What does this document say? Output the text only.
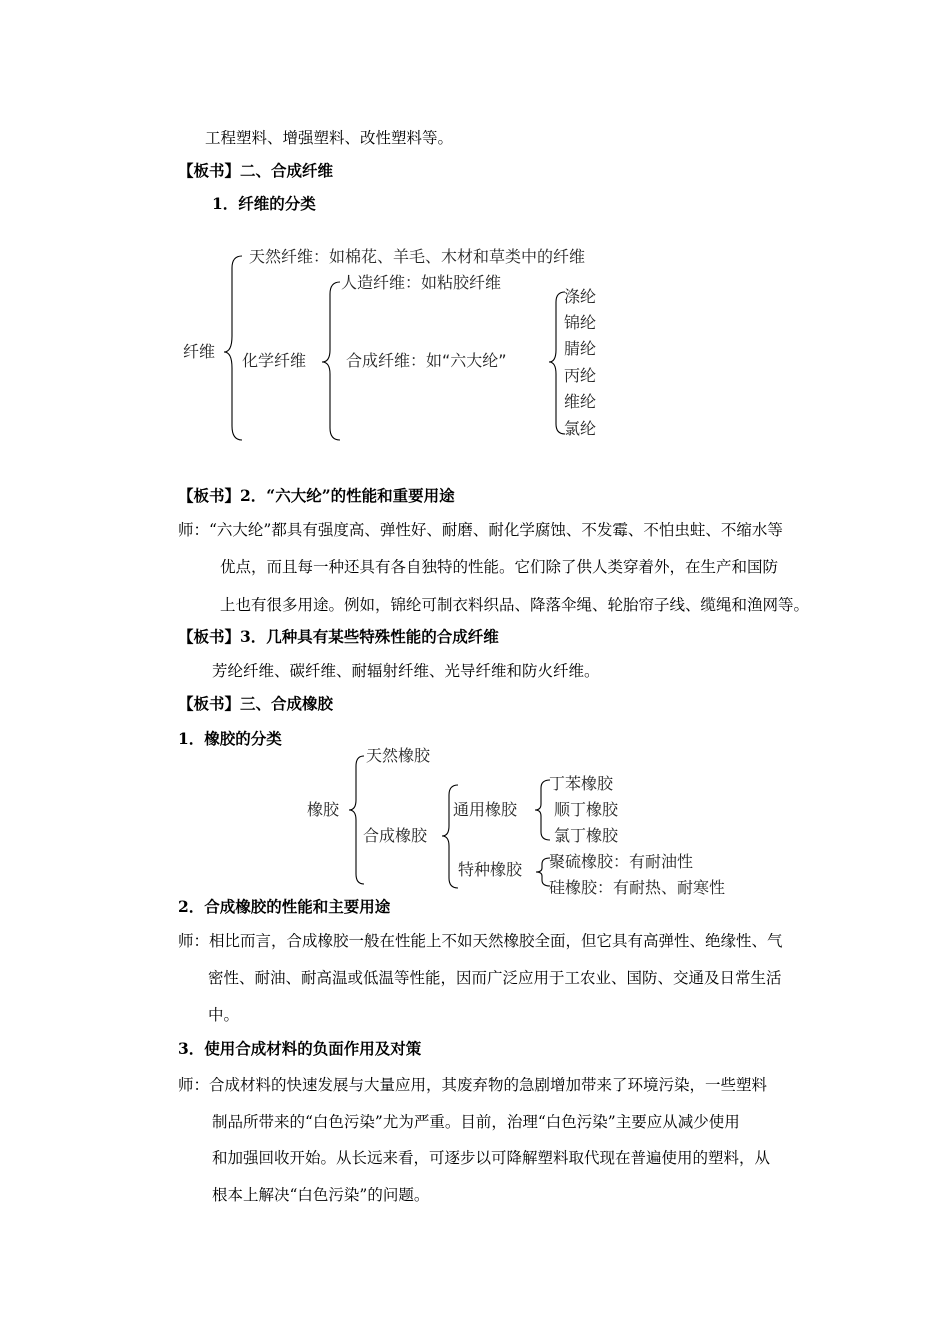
工程塑料、增强塑料、改性塑料等。
【板书】二、合成纤维
1．纤维的分类
纤维
天然纤维：如棉花、羊毛、木材和草类中的纤维
化学纤维
人造纤维：如粘胶纤维
合成纤维：如“六大纶”
涤纶
锦纶
腈纶
丙纶
维纶
氯纶
【板书】2．“六大纶”的性能和重要用途
师：“六大纶”都具有强度高、弹性好、耐磨、耐化学腐蚀、不发霉、不怕虫蛀、不缩水等
优点，而且每一种还具有各自独特的性能。它们除了供人类穿着外，在生产和国防
上也有很多用途。例如，锦纶可制衣料织品、降落伞绳、轮胎帘子线、缆绳和渔网等。
【板书】3．几种具有某些特殊性能的合成纤维
芳纶纤维、碳纤维、耐辐射纤维、光导纤维和防火纤维。
【板书】三、合成橡胶
1．橡胶的分类
橡胶
天然橡胶
合成橡胶
通用橡胶
特种橡胶
丁苯橡胶
顺丁橡胶
氯丁橡胶
聚硫橡胶：有耐油性
硅橡胶：有耐热、耐寒性
2．合成橡胶的性能和主要用途
师：相比而言，合成橡胶一般在性能上不如天然橡胶全面，但它具有高弹性、绝缘性、气
密性、耐油、耐高温或低温等性能，因而广泛应用于工农业、国防、交通及日常生活
中。
3．使用合成材料的负面作用及对策
师：合成材料的快速发展与大量应用，其废弃物的急剧增加带来了环境污染，一些塑料
制品所带来的“白色污染”尤为严重。目前，治理“白色污染”主要应从减少使用
和加强回收开始。从长远来看，可逐步以可降解塑料取代现在普遍使用的塑料，从
根本上解决“白色污染”的问题。
